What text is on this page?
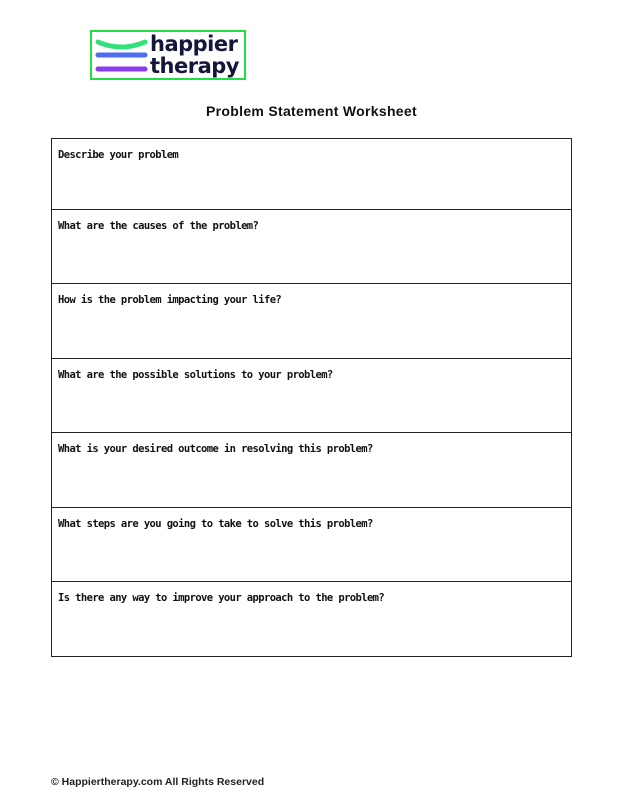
happier
therapy
Problem Statement Worksheet
Describe your problem
What are the causes of the problem?
How is the problem impacting your life?
What are the possible solutions to your problem?
What is your desired outcome in resolving this problem?
What steps are you going to take to solve this problem?
Is there any way to improve your approach to the problem?
© Happiertherapy.com All Rights Reserved
